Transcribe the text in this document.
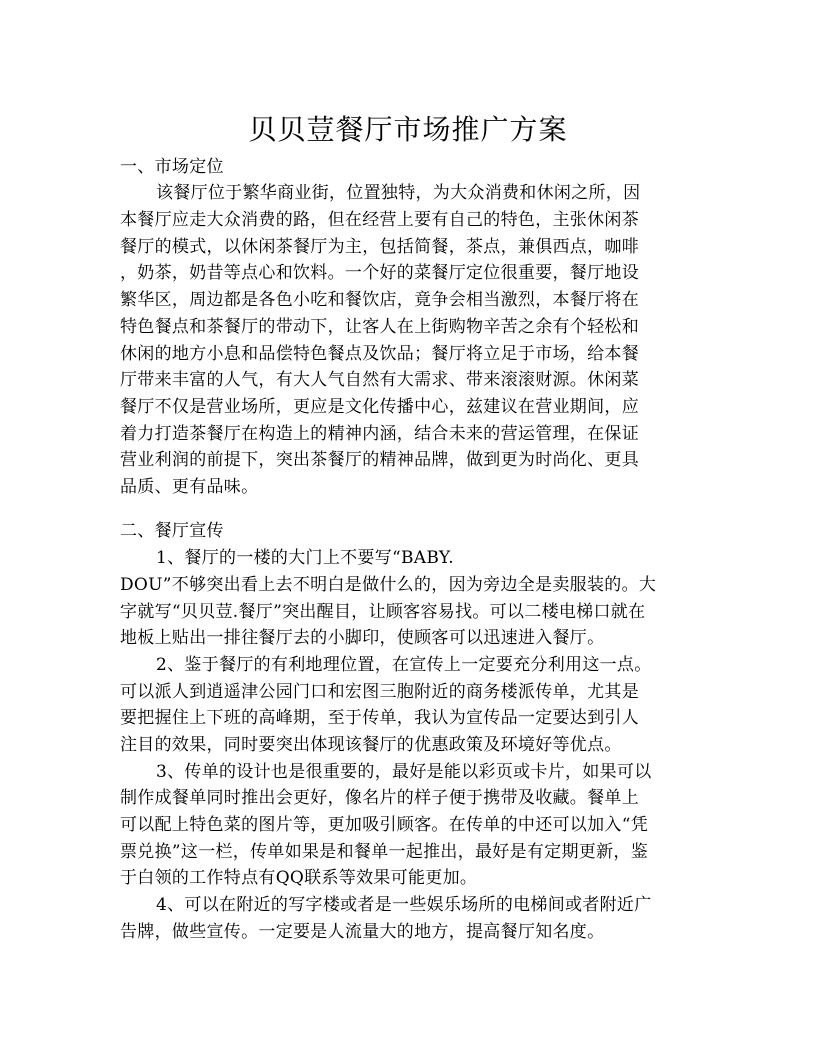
贝贝荳餐厅市场推广方案
一、市场定位
该餐厅位于繁华商业街，位置独特，为大众消费和休闲之所，因
本餐厅应走大众消费的路，但在经营上要有自己的特色，主张休闲茶
餐厅的模式，以休闲茶餐厅为主，包括简餐，茶点，兼俱西点，咖啡
，奶茶，奶昔等点心和饮料。一个好的菜餐厅定位很重要，餐厅地设
繁华区，周边都是各色小吃和餐饮店，竟争会相当激烈，本餐厅将在
特色餐点和茶餐厅的带动下，让客人在上街购物辛苦之余有个轻松和
休闲的地方小息和品偿特色餐点及饮品；餐厅将立足于市场，给本餐
厅带来丰富的人气，有大人气自然有大需求、带来滚滚财源。休闲菜
餐厅不仅是营业场所，更应是文化传播中心，兹建议在营业期间，应
着力打造茶餐厅在构造上的精神内涵，结合未来的营运管理，在保证
营业利润的前提下，突出茶餐厅的精神品牌，做到更为时尚化、更具
品质、更有品味。
二、餐厅宣传
1、餐厅的一楼的大门上不要写“BABY.
DOU”不够突出看上去不明白是做什么的，因为旁边全是卖服装的。大
字就写“贝贝荳.餐厅”突出醒目，让顾客容易找。可以二楼电梯口就在
地板上贴出一排往餐厅去的小脚印，使顾客可以迅速进入餐厅。
2、鉴于餐厅的有利地理位置，在宣传上一定要充分利用这一点。
可以派人到逍遥津公园门口和宏图三胞附近的商务楼派传单，尤其是
要把握住上下班的高峰期，至于传单，我认为宣传品一定要达到引人
注目的效果，同时要突出体现该餐厅的优惠政策及环境好等优点。
3、传单的设计也是很重要的，最好是能以彩页或卡片，如果可以
制作成餐单同时推出会更好，像名片的样子便于携带及收藏。餐单上
可以配上特色菜的图片等，更加吸引顾客。在传单的中还可以加入“凭
票兑换”这一栏，传单如果是和餐单一起推出，最好是有定期更新，鉴
于白领的工作特点有QQ联系等效果可能更加。
4、可以在附近的写字楼或者是一些娱乐场所的电梯间或者附近广
告牌，做些宣传。一定要是人流量大的地方，提高餐厅知名度。
